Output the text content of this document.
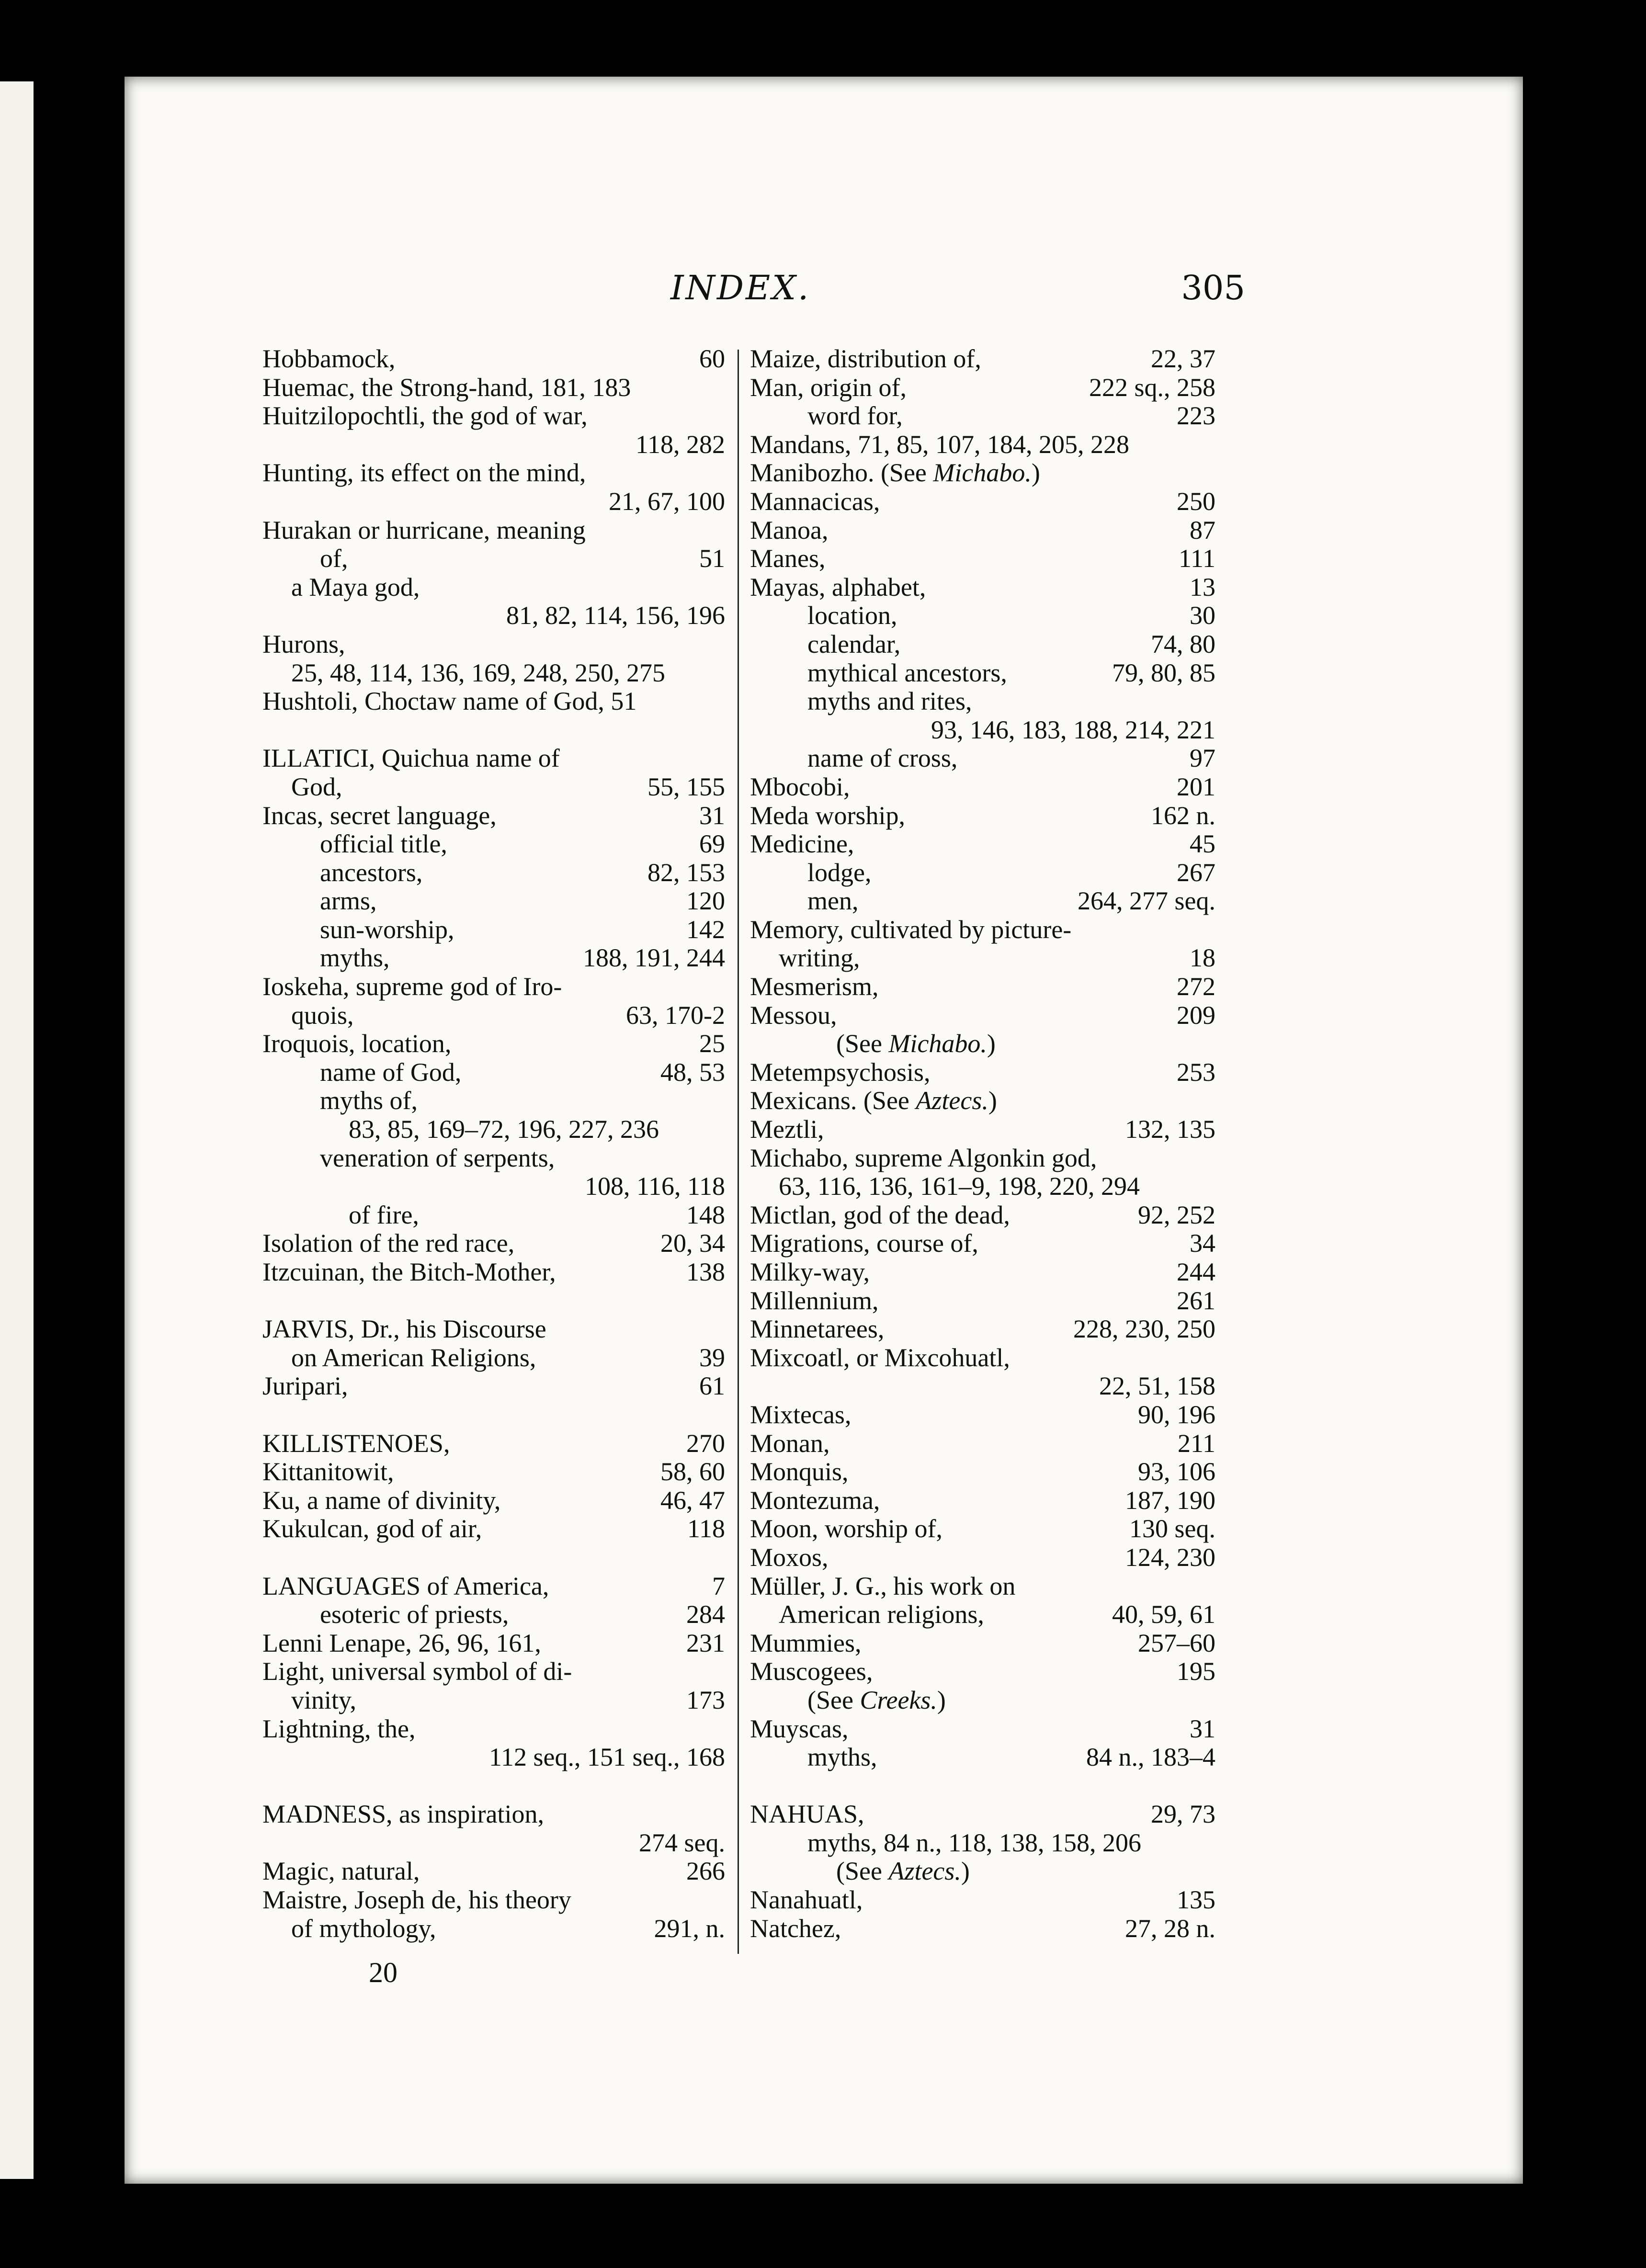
INDEX.	305
Hobbamock,	60
Huemac, the Strong-hand, 181, 183
Huitzilopochtli, the god of war,
118, 282
Hunting, its effect on the mind,
21, 67, 100
Hurakan or hurricane, meaning
of,	51
a Maya god,
81, 82, 114, 156, 196
Hurons,
25, 48, 114, 136, 169, 248, 250, 275
Hushtoli, Choctaw name of God, 51
ILLATICI, Quichua name of
God,	55, 155
Incas, secret language,	31
official title,	69
ancestors,	82, 153
arms,	120
sun-worship,	142
myths,	188, 191, 244
Ioskeha, supreme god of Iro-
quois,	63, 170-2
Iroquois, location,	25
name of God,	48, 53
myths of,
83, 85, 169–72, 196, 227, 236
veneration of serpents,
108, 116, 118
of fire,	148
Isolation of the red race,	20, 34
Itzcuinan, the Bitch-Mother,	138
JARVIS, Dr., his Discourse
on American Religions,	39
Juripari,	61
KILLISTENOES,	270
Kittanitowit,	58, 60
Ku, a name of divinity,	46, 47
Kukulcan, god of air,	118
LANGUAGES of America,	7
esoteric of priests,	284
Lenni Lenape, 26, 96, 161,	231
Light, universal symbol of di-
vinity,	173
Lightning, the,
112 seq., 151 seq., 168
MADNESS, as inspiration,
274 seq.
Magic, natural,	266
Maistre, Joseph de, his theory
of mythology,	291, n.
Maize, distribution of,	22, 37
Man, origin of,	222 sq., 258
word for,	223
Mandans, 71, 85, 107, 184, 205, 228
Manibozho. (See Michabo.)
Mannacicas,	250
Manoa,	87
Manes,	111
Mayas, alphabet,	13
location,	30
calendar,	74, 80
mythical ancestors,	79, 80, 85
myths and rites,
93, 146, 183, 188, 214, 221
name of cross,	97
Mbocobi,	201
Meda worship,	162 n.
Medicine,	45
lodge,	267
men,	264, 277 seq.
Memory, cultivated by picture-
writing,	18
Mesmerism,	272
Messou,	209
(See Michabo.)
Metempsychosis,	253
Mexicans. (See Aztecs.)
Meztli,	132, 135
Michabo, supreme Algonkin god,
63, 116, 136, 161–9, 198, 220, 294
Mictlan, god of the dead,	92, 252
Migrations, course of,	34
Milky-way,	244
Millennium,	261
Minnetarees,	228, 230, 250
Mixcoatl, or Mixcohuatl,
22, 51, 158
Mixtecas,	90, 196
Monan,	211
Monquis,	93, 106
Montezuma,	187, 190
Moon, worship of,	130 seq.
Moxos,	124, 230
Müller, J. G., his work on
American religions,	40, 59, 61
Mummies,	257–60
Muscogees,	195
(See Creeks.)
Muyscas,	31
myths,	84 n., 183–4
NAHUAS,	29, 73
myths, 84 n., 118, 138, 158, 206
(See Aztecs.)
Nanahuatl,	135
Natchez,	27, 28 n.
20
